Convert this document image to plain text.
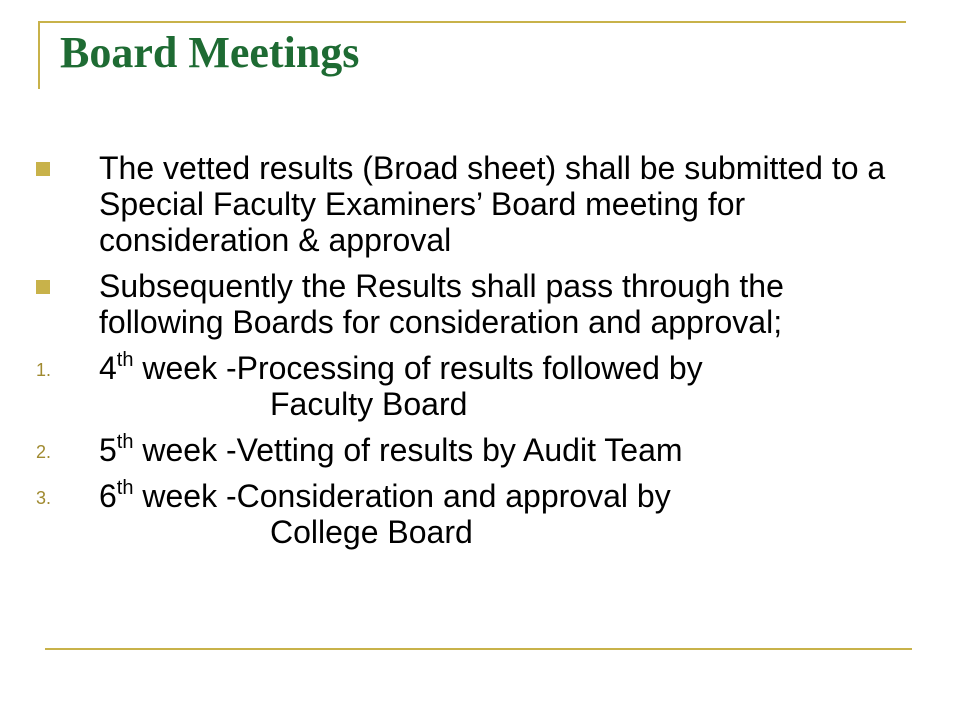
Board Meetings
The vetted results (Broad sheet) shall be submitted to a Special Faculty Examiners’ Board meeting for consideration & approval
Subsequently the Results shall pass through the following Boards for consideration and approval;
1. 4th week -Processing of results followed by
Faculty Board
2. 5th week -Vetting of results by Audit Team
3. 6th week -Consideration and approval by
College Board
